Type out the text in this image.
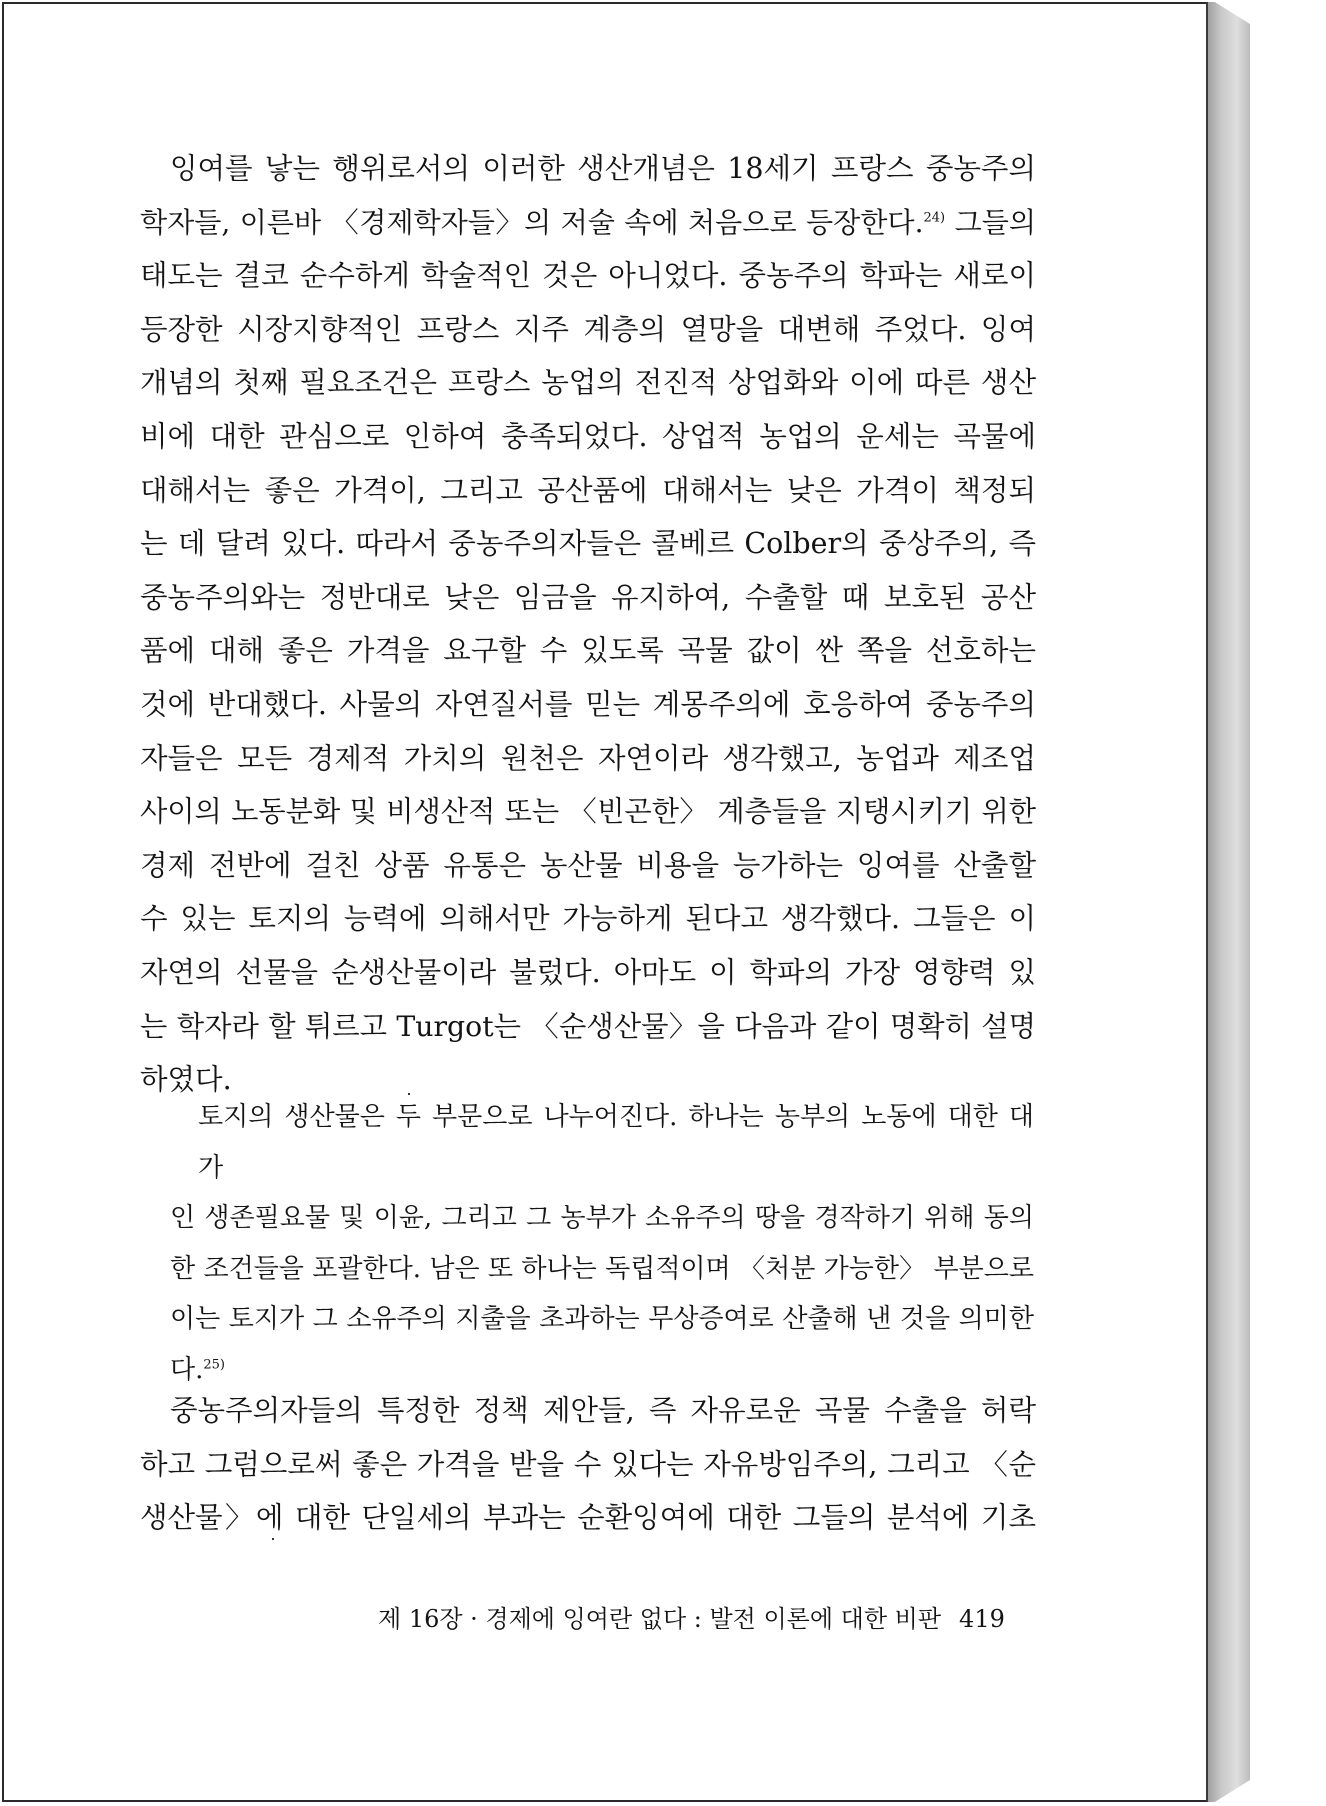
잉여를 낳는 행위로서의 이러한 생산개념은 18세기 프랑스 중농주의
학자들, 이른바 〈경제학자들〉의 저술 속에 처음으로 등장한다.$^{24)}$ 그들의
태도는 결코 순수하게 학술적인 것은 아니었다. 중농주의 학파는 새로이
등장한 시장지향적인 프랑스 지주 계층의 열망을 대변해 주었다. 잉여
개념의 첫째 필요조건은 프랑스 농업의 전진적 상업화와 이에 따른 생산
비에 대한 관심으로 인하여 충족되었다. 상업적 농업의 운세는 곡물에
대해서는 좋은 가격이, 그리고 공산품에 대해서는 낮은 가격이 책정되
는 데 달려 있다. 따라서 중농주의자들은 콜베르 Colber의 중상주의, 즉
중농주의와는 정반대로 낮은 임금을 유지하여, 수출할 때 보호된 공산
품에 대해 좋은 가격을 요구할 수 있도록 곡물 값이 싼 쪽을 선호하는
것에 반대했다. 사물의 자연질서를 믿는 계몽주의에 호응하여 중농주의
자들은 모든 경제적 가치의 원천은 자연이라 생각했고, 농업과 제조업
사이의 노동분화 및 비생산적 또는 〈빈곤한〉 계층들을 지탱시키기 위한
경제 전반에 걸친 상품 유통은 농산물 비용을 능가하는 잉여를 산출할
수 있는 토지의 능력에 의해서만 가능하게 된다고 생각했다. 그들은 이
자연의 선물을 순생산물이라 불렀다. 아마도 이 학파의 가장 영향력 있
는 학자라 할 튀르고 Turgot는 〈순생산물〉을 다음과 같이 명확히 설명
하였다.
토지의 생산물은 두 부문으로 나누어진다. 하나는 농부의 노동에 대한 대가
인 생존필요물 및 이윤, 그리고 그 농부가 소유주의 땅을 경작하기 위해 동의
한 조건들을 포괄한다. 남은 또 하나는 독립적이며 〈처분 가능한〉 부분으로
이는 토지가 그 소유주의 지출을 초과하는 무상증여로 산출해 낸 것을 의미한
다.$^{25)}$
중농주의자들의 특정한 정책 제안들, 즉 자유로운 곡물 수출을 허락
하고 그럼으로써 좋은 가격을 받을 수 있다는 자유방임주의, 그리고 〈순
생산물〉에 대한 단일세의 부과는 순환잉여에 대한 그들의 분석에 기초
제 16장 · 경제에 잉여란 없다 : 발전 이론에 대한 비판 419
